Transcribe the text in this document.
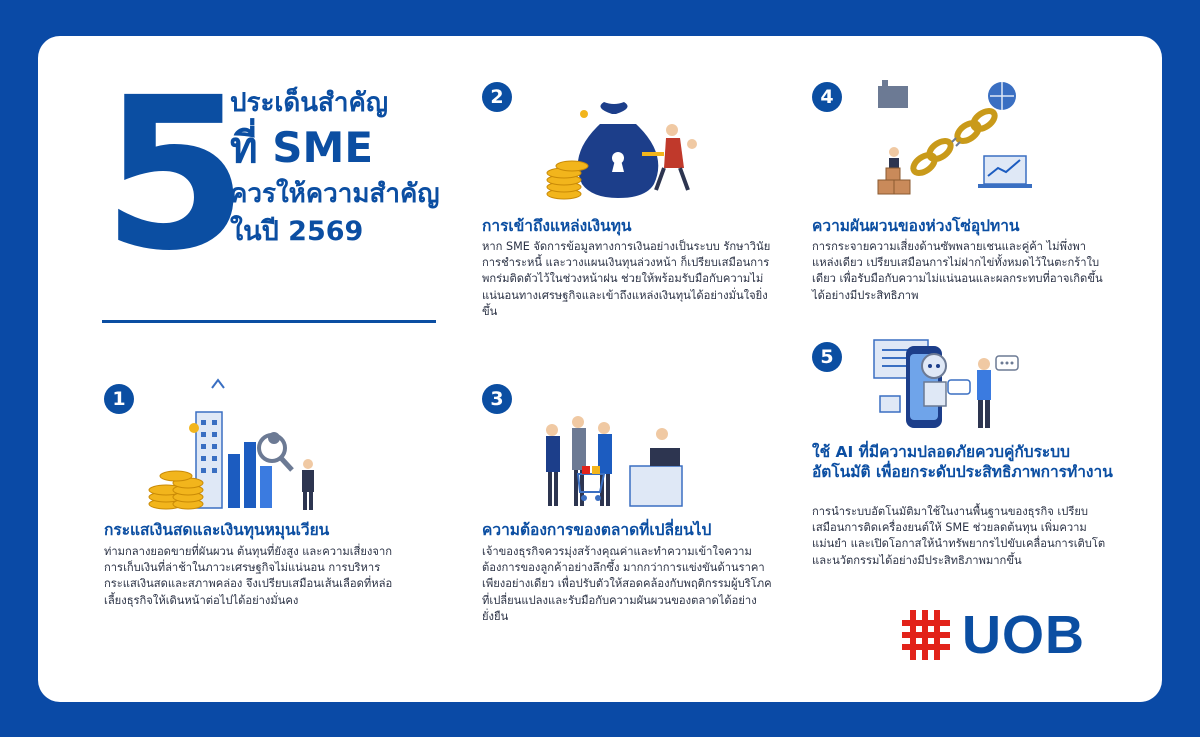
5
ประเด็นสำคัญ
ที่ SME
ควรให้ความสำคัญ
ในปี 2569
1
กระแสเงินสดและเงินทุนหมุนเวียน
ท่ามกลางยอดขายที่ผันผวน ต้นทุนที่ยังสูง และความเสี่ยงจากการเก็บเงินที่ล่าช้าในภาวะเศรษฐกิจไม่แน่นอน การบริหารกระแสเงินสดและสภาพคล่อง จึงเปรียบเสมือนเส้นเลือดที่หล่อเลี้ยงธุรกิจให้เดินหน้าต่อไปได้อย่างมั่นคง
2
การเข้าถึงแหล่งเงินทุน
หาก SME จัดการข้อมูลทางการเงินอย่างเป็นระบบ รักษาวินัยการชำระหนี้ และวางแผนเงินทุนล่วงหน้า ก็เปรียบเสมือนการพกร่มติดตัวไว้ในช่วงหน้าฝน ช่วยให้พร้อมรับมือกับความไม่แน่นอนทางเศรษฐกิจและเข้าถึงแหล่งเงินทุนได้อย่างมั่นใจยิ่งขึ้น
3
ความต้องการของตลาดที่เปลี่ยนไป
เจ้าของธุรกิจควรมุ่งสร้างคุณค่าและทำความเข้าใจความต้องการของลูกค้าอย่างลึกซึ้ง มากกว่าการแข่งขันด้านราคาเพียงอย่างเดียว เพื่อปรับตัวให้สอดคล้องกับพฤติกรรมผู้บริโภคที่เปลี่ยนแปลงและรับมือกับความผันผวนของตลาดได้อย่างยั่งยืน
4
ความผันผวนของห่วงโซ่อุปทาน
การกระจายความเสี่ยงด้านซัพพลายเชนและคู่ค้า ไม่พึ่งพาแหล่งเดียว เปรียบเสมือนการไม่ฝากไข่ทั้งหมดไว้ในตะกร้าใบเดียว เพื่อรับมือกับความไม่แน่นอนและผลกระทบที่อาจเกิดขึ้นได้อย่างมีประสิทธิภาพ
5
ใช้ AI ที่มีความปลอดภัยควบคู่กับระบบอัตโนมัติ เพื่อยกระดับประสิทธิภาพการทำงาน
การนำระบบอัตโนมัติมาใช้ในงานพื้นฐานของธุรกิจ เปรียบเสมือนการติดเครื่องยนต์ให้ SME ช่วยลดต้นทุน เพิ่มความแม่นยำ และเปิดโอกาสให้นำทรัพยากรไปขับเคลื่อนการเติบโตและนวัตกรรมได้อย่างมีประสิทธิภาพมากขึ้น
UOB
